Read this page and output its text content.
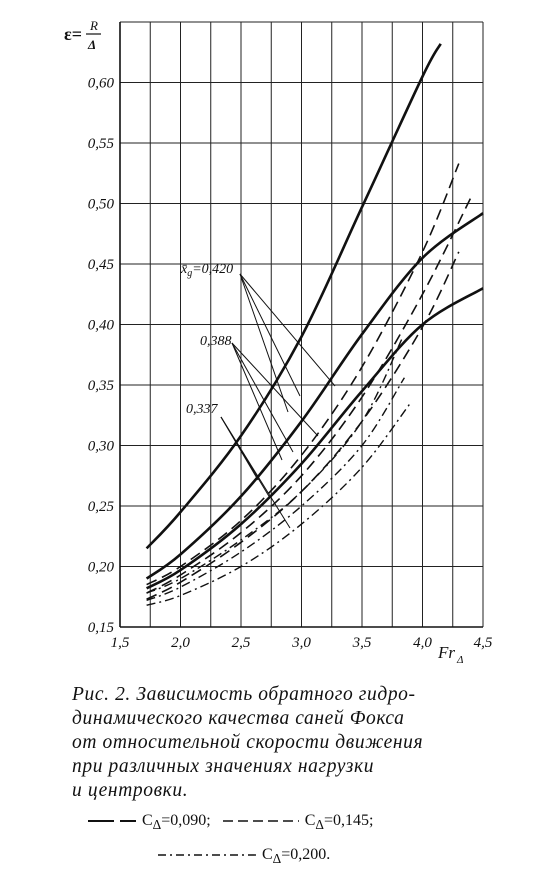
1,5	2,0	2,5	3,0	3,5	4,0	4,5
0,15
0,20
0,25
0,30
0,35
0,40
0,45
0,50
0,55
0,60
ε= R
Δ
Fr Δ
$x̄_g=0,420$
0,388
0,337
Рис. 2. Зависимость обратного гидро-
динамического качества саней Фокса
от относительной скорости движения
при различных значениях нагрузки
и центровки.
$C_\Delta=0,090$;	$C_\Delta=0,145$;
$C_\Delta=0,200$.
